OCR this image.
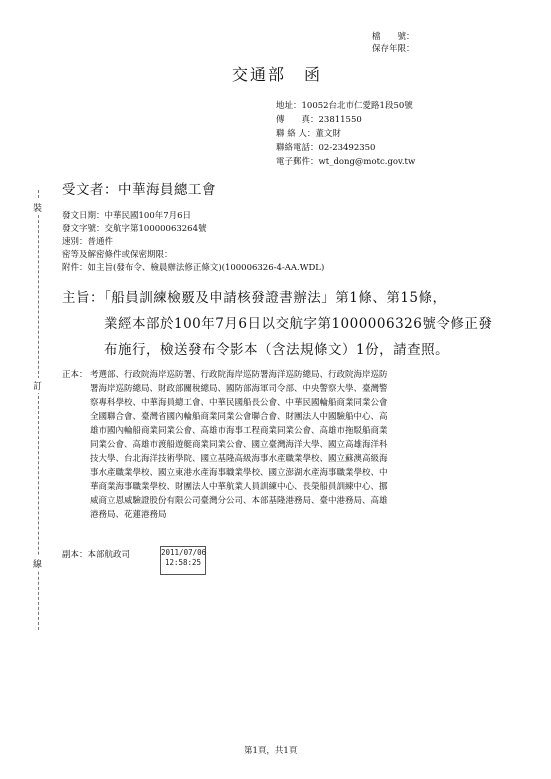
檔　　號：
保存年限：
交通部　函
地址：10052台北市仁愛路1段50號
傳　　真：23811550
聯 絡 人：董文財
聯絡電話：02-23492350
電子郵件：wt_dong@motc.gov.tw
受文者：中華海員總工會
裝
訂
線
發文日期：中華民國100年7月6日
發文字號：交航字第10000063264號
速別：普通件
密等及解密條件或保密期限：
附件：如主旨(發布令、檢晨辦法修正條文)(100006326-4-AA.WDL)
主旨：「船員訓練檢覈及申請核發證書辦法」第1條、第15條，
業經本部於100年7月6日以交航字第1000006326號令修正發
布施行，檢送發布令影本（含法規條文）1份，請查照。
正本： 考選部、行政院海岸巡防署、行政院海岸巡防署海洋巡防總局、行政院海岸巡防
署海岸巡防總局、財政部關稅總局、國防部海軍司令部、中央警察大學、臺灣警
察專科學校、中華海員總工會、中華民國船長公會、中華民國輪船商業同業公會
全國聯合會、臺灣省國內輪船商業同業公會聯合會、財團法人中國驗船中心、高
雄市國內輪船商業同業公會、高雄市海事工程商業同業公會、高雄市拖駁船商業
同業公會、高雄市渡船遊艇商業同業公會、國立臺灣海洋大學、國立高雄海洋科
技大學、台北海洋技術學院、國立基隆高級海事水產職業學校、國立蘇澳高級海
事水產職業學校、國立東港水產海事職業學校、國立澎湖水產海事職業學校、中
華商業海事職業學校、財團法人中華航業人員訓練中心、長榮船員訓練中心、挪
威商立恩威驗證股份有限公司臺灣分公司、本部基隆港務局、臺中港務局、高雄
港務局、花蓮港務局
副本：本部航政司	2011/07/06
12:58:25
第1頁，共1頁
